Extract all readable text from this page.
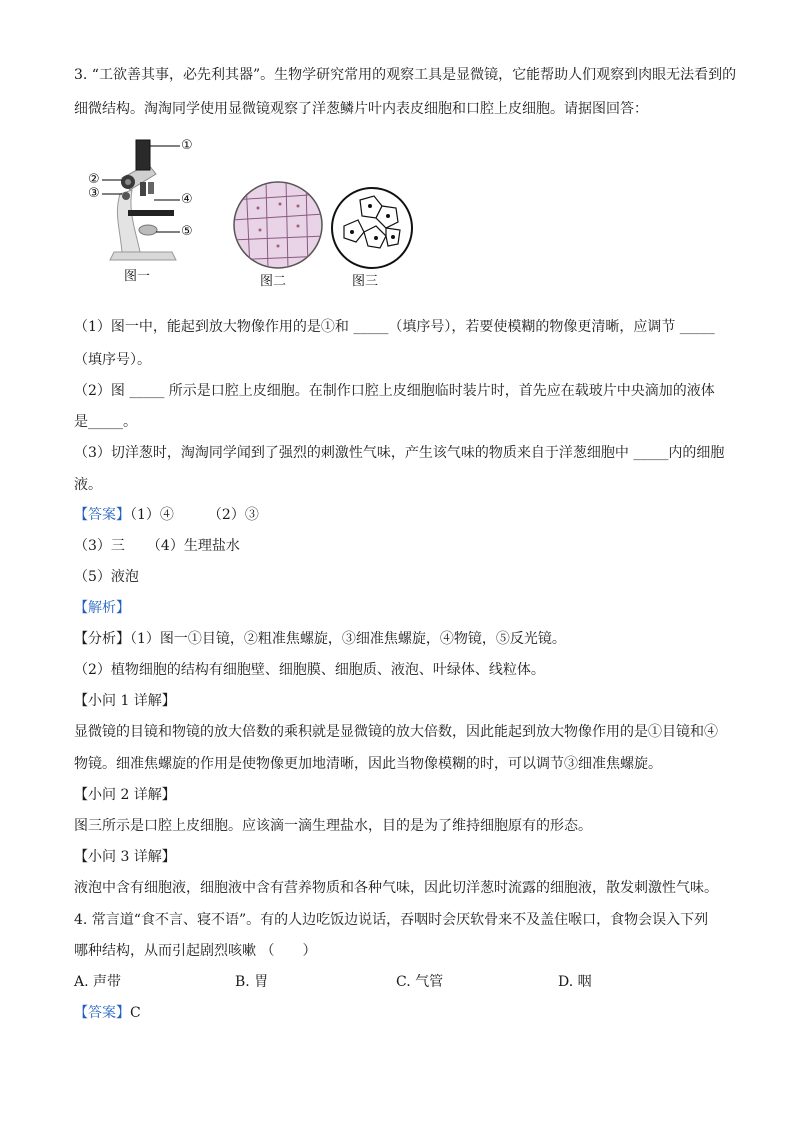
3. “工欲善其事，必先利其器”。生物学研究常用的观察工具是显微镜，它能帮助人们观察到肉眼无法看到的
细微结构。淘淘同学使用显微镜观察了洋葱鳞片叶内表皮细胞和口腔上皮细胞。请据图回答：
①
②
③	④
⑤
图一	图二	图三
（1）图一中，能起到放大物像作用的是①和 _____（填序号），若要使模糊的物像更清晰，应调节 _____
（填序号）。
（2）图 _____ 所示是口腔上皮细胞。在制作口腔上皮细胞临时装片时，首先应在载玻片中央滴加的液体
是_____。
（3）切洋葱时，淘淘同学闻到了强烈的刺激性气味，产生该气味的物质来自于洋葱细胞中 _____内的细胞
液。
【答案】（1）④ （2）③
（3）三 （4）生理盐水
（5）液泡
【解析】
【分析】（1）图一①目镜，②粗准焦螺旋，③细准焦螺旋，④物镜，⑤反光镜。
（2）植物细胞的结构有细胞壁、细胞膜、细胞质、液泡、叶绿体、线粒体。
【小问 1 详解】
显微镜的目镜和物镜的放大倍数的乘积就是显微镜的放大倍数，因此能起到放大物像作用的是①目镜和④
物镜。细准焦螺旋的作用是使物像更加地清晰，因此当物像模糊的时，可以调节③细准焦螺旋。
【小问 2 详解】
图三所示是口腔上皮细胞。应该滴一滴生理盐水，目的是为了维持细胞原有的形态。
【小问 3 详解】
液泡中含有细胞液，细胞液中含有营养物质和各种气味，因此切洋葱时流露的细胞液，散发刺激性气味。
4. 常言道“食不言、寝不语”。有的人边吃饭边说话，吞咽时会厌软骨来不及盖住喉口，食物会误入下列
哪种结构，从而引起剧烈咳嗽 （　　）
A. 声带	B. 胃	C. 气管	D. 咽
【答案】C
